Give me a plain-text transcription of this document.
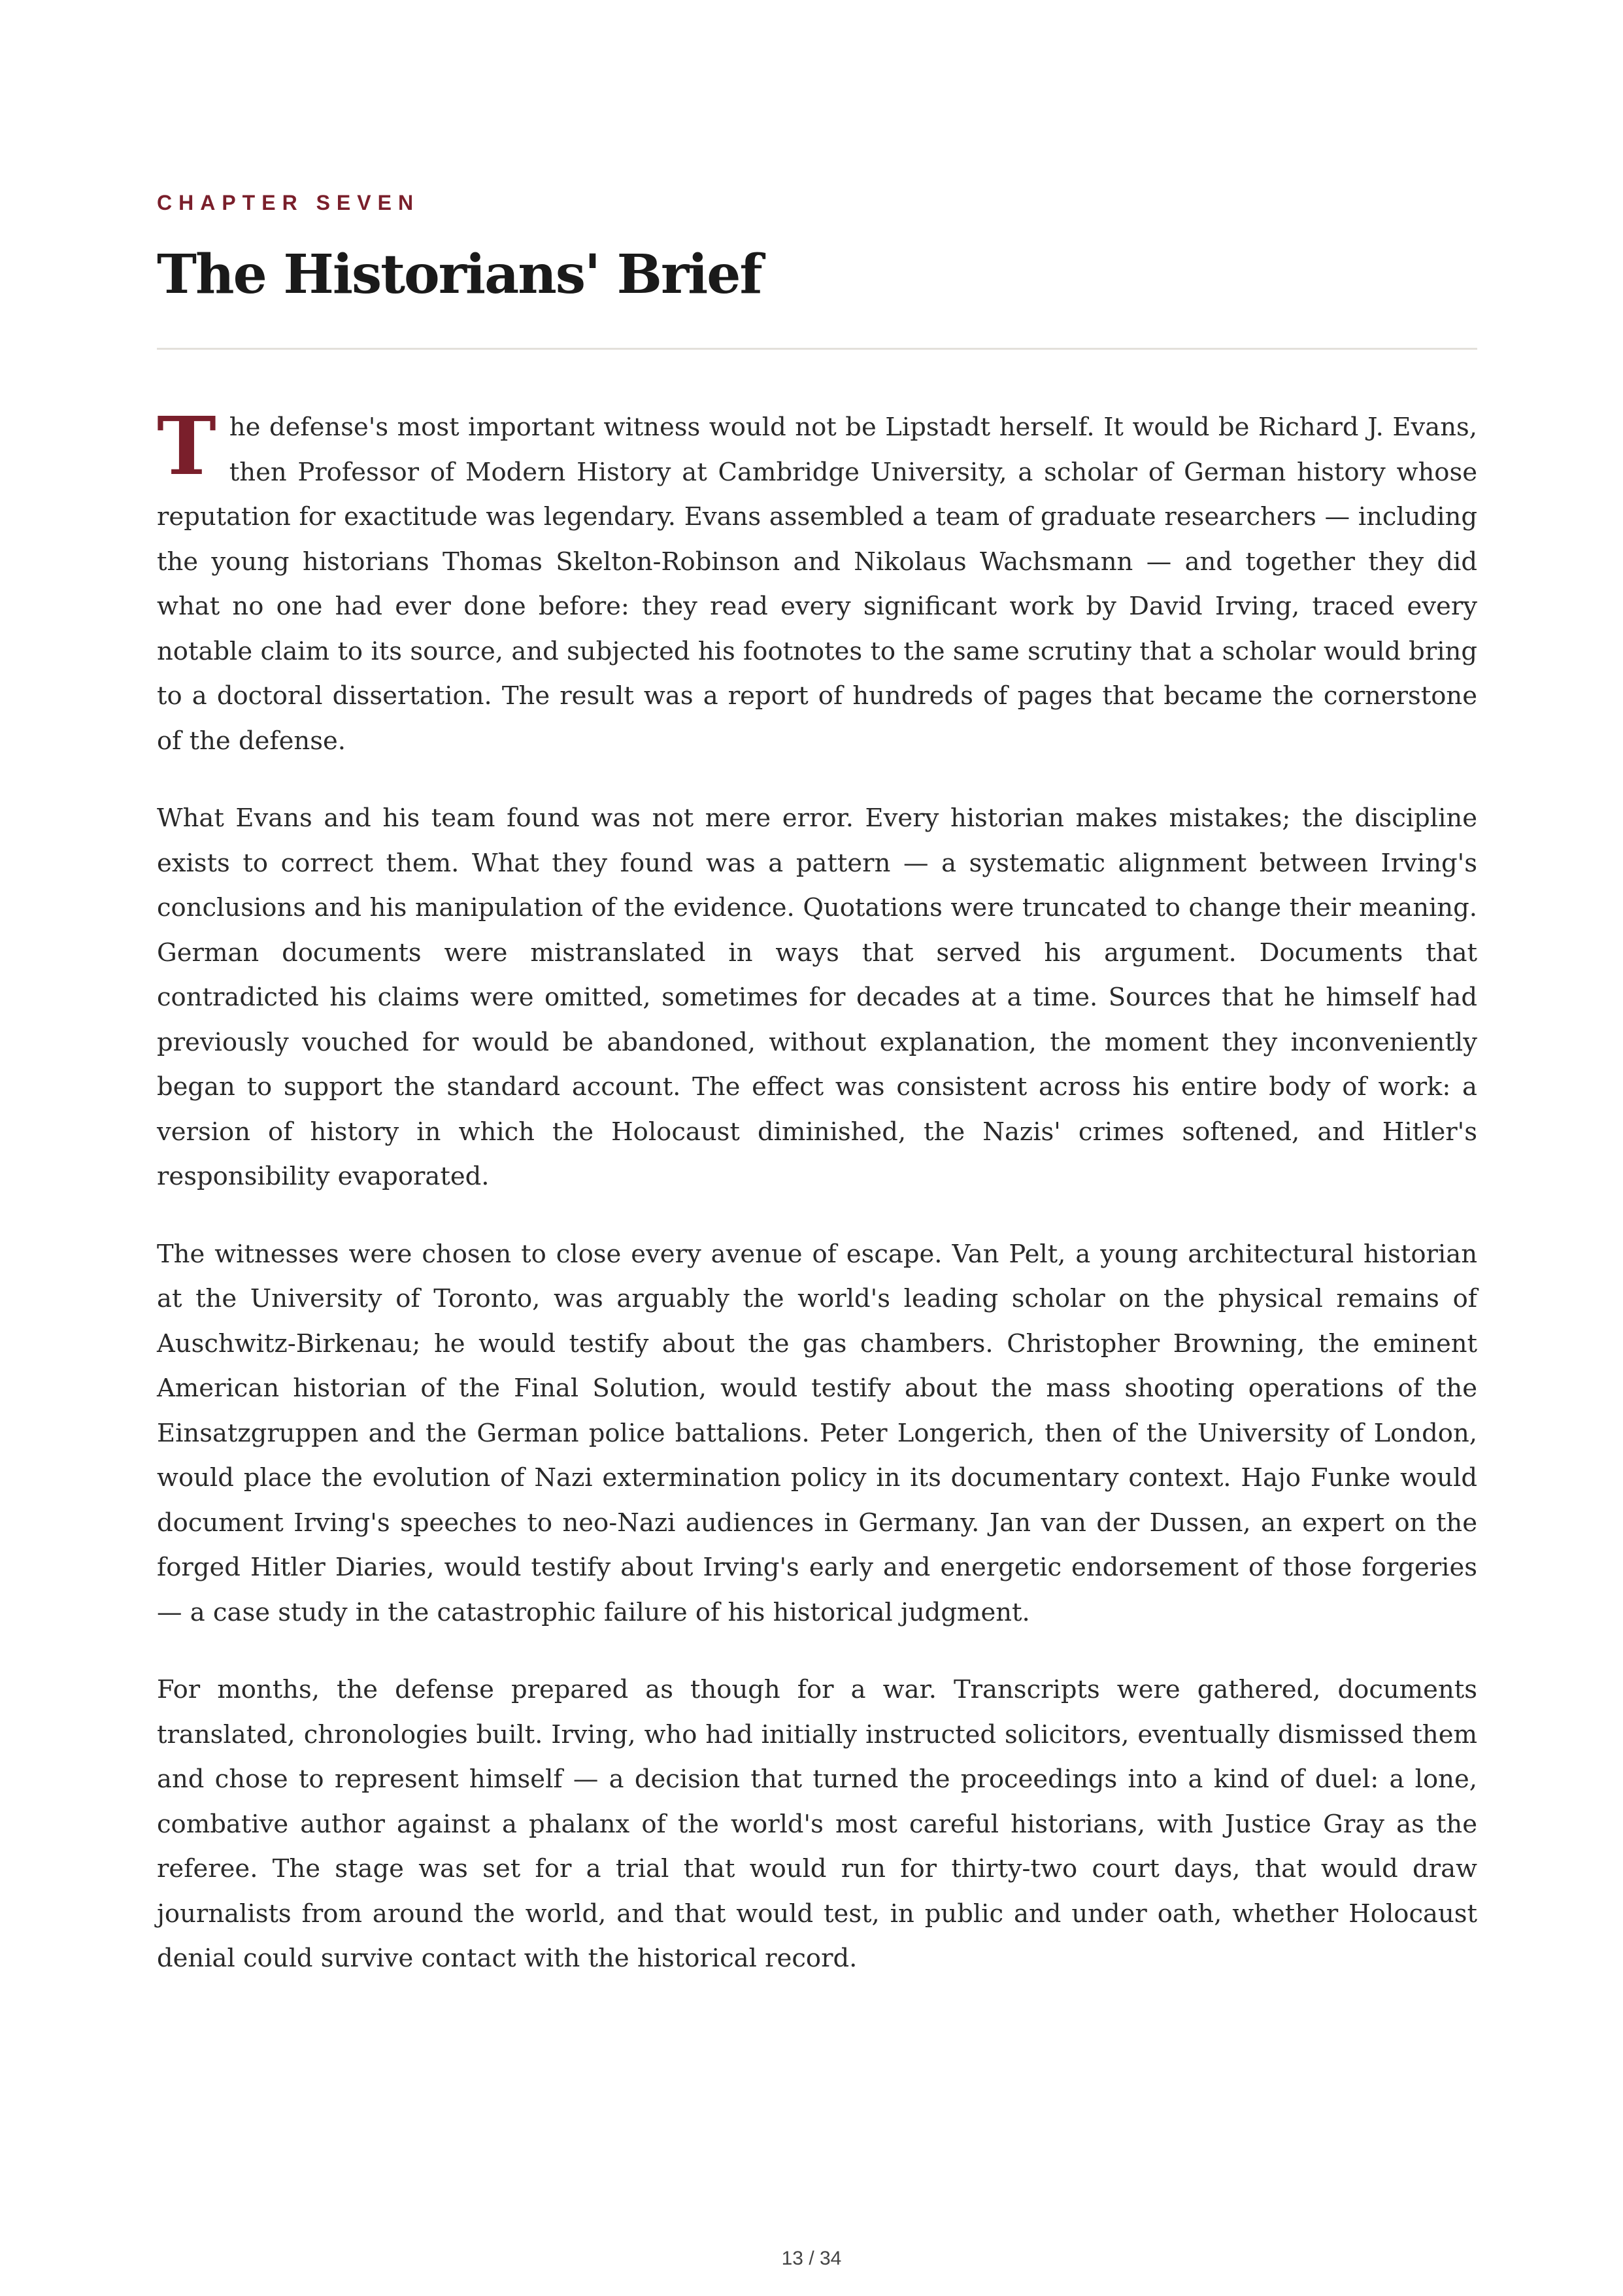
CHAPTER SEVEN

The Historians' Brief

The defense's most important witness would not be Lipstadt herself. It would be Richard J. Evans, then Professor of Modern History at Cambridge University, a scholar of German history whose reputation for exactitude was legendary. Evans assembled a team of graduate researchers — including the young historians Thomas Skelton-Robinson and Nikolaus Wachsmann — and together they did what no one had ever done before: they read every significant work by David Irving, traced every notable claim to its source, and subjected his footnotes to the same scrutiny that a scholar would bring to a doctoral dissertation. The result was a report of hundreds of pages that became the cornerstone of the defense.

What Evans and his team found was not mere error. Every historian makes mistakes; the discipline exists to correct them. What they found was a pattern — a systematic alignment between Irving's conclusions and his manipulation of the evidence. Quotations were truncated to change their meaning. German documents were mistranslated in ways that served his argument. Documents that contradicted his claims were omitted, sometimes for decades at a time. Sources that he himself had previously vouched for would be abandoned, without explanation, the moment they inconveniently began to support the standard account. The effect was consistent across his entire body of work: a version of history in which the Holocaust diminished, the Nazis' crimes softened, and Hitler's responsibility evaporated.

The witnesses were chosen to close every avenue of escape. Van Pelt, a young architectural historian at the University of Toronto, was arguably the world's leading scholar on the physical remains of Auschwitz-Birkenau; he would testify about the gas chambers. Christopher Browning, the eminent American historian of the Final Solution, would testify about the mass shooting operations of the Einsatzgruppen and the German police battalions. Peter Longerich, then of the University of London, would place the evolution of Nazi extermination policy in its documentary context. Hajo Funke would document Irving's speeches to neo-Nazi audiences in Germany. Jan van der Dussen, an expert on the forged Hitler Diaries, would testify about Irving's early and energetic endorsement of those forgeries — a case study in the catastrophic failure of his historical judgment.

For months, the defense prepared as though for a war. Transcripts were gathered, documents translated, chronologies built. Irving, who had initially instructed solicitors, eventually dismissed them and chose to represent himself — a decision that turned the proceedings into a kind of duel: a lone, combative author against a phalanx of the world's most careful historians, with Justice Gray as the referee. The stage was set for a trial that would run for thirty-two court days, that would draw journalists from around the world, and that would test, in public and under oath, whether Holocaust denial could survive contact with the historical record.

13 / 34
